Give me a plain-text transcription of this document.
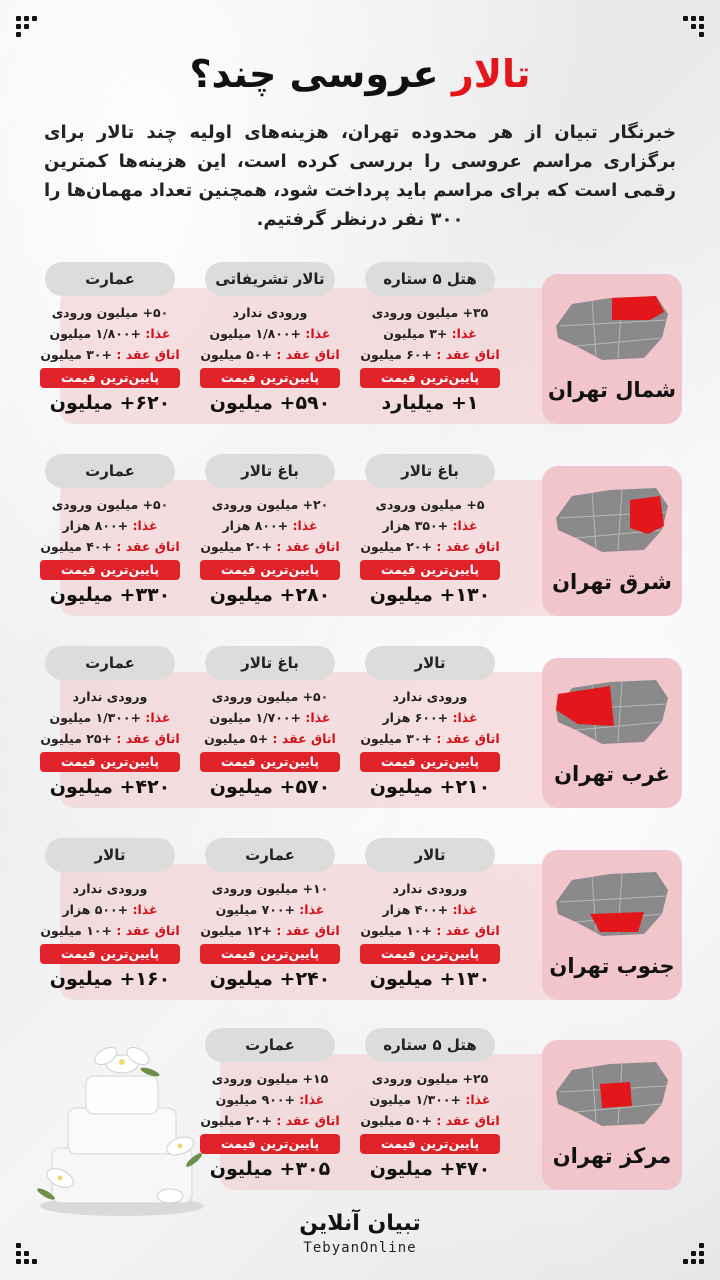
تالار عروسی چند؟

خبرنگار تبیان از هر محدوده تهران، هزینه‌های اولیه چند تالار برای برگزاری مراسم عروسی را بررسی کرده است، این هزینه‌ها کمترین رقمی است که برای مراسم باید پرداخت شود، همچنین تعداد مهمان‌ها را ۳۰۰ نفر درنظر گرفتیم.

شمال تهران
هتل ۵ ستاره
۳۵+ میلیون ورودی
غذا: +۳ میلیون
اتاق عقد : +۶۰ میلیون
پایین‌ترین قیمت
۱+ میلیارد
تالار تشریفاتی
ورودی ندارد
غذا: +۱/۸۰۰ میلیون
اتاق عقد : +۵۰ میلیون
پایین‌ترین قیمت
۵۹۰+ میلیون
عمارت
۵۰+ میلیون ورودی
غذا: +۱/۸۰۰ میلیون
اتاق عقد : +۳۰ میلیون
پایین‌ترین قیمت
۶۲۰+ میلیون
شرق تهران
باغ تالار
۵+ میلیون ورودی
غذا: +۳۵۰ هزار
اتاق عقد : +۲۰ میلیون
پایین‌ترین قیمت
۱۳۰+ میلیون
باغ تالار
۲۰+ میلیون ورودی
غذا: +۸۰۰ هزار
اتاق عقد : +۲۰ میلیون
پایین‌ترین قیمت
۲۸۰+ میلیون
عمارت
۵۰+ میلیون ورودی
غذا: +۸۰۰ هزار
اتاق عقد : +۴۰ میلیون
پایین‌ترین قیمت
۳۳۰+ میلیون
غرب تهران
تالار
ورودی ندارد
غذا: +۶۰۰ هزار
اتاق عقد : +۳۰ میلیون
پایین‌ترین قیمت
۲۱۰+ میلیون
باغ تالار
۵۰+ میلیون ورودی
غذا: +۱/۷۰۰ میلیون
اتاق عقد : +۵ میلیون
پایین‌ترین قیمت
۵۷۰+ میلیون
عمارت
ورودی ندارد
غذا: +۱/۳۰۰ میلیون
اتاق عقد : +۲۵ میلیون
پایین‌ترین قیمت
۴۲۰+ میلیون
جنوب تهران
تالار
ورودی ندارد
غذا: +۴۰۰ هزار
اتاق عقد : +۱۰ میلیون
پایین‌ترین قیمت
۱۳۰+ میلیون
عمارت
۱۰+ میلیون ورودی
غذا: +۷۰۰ میلیون
اتاق عقد : +۱۲ میلیون
پایین‌ترین قیمت
۲۴۰+ میلیون
تالار
ورودی ندارد
غذا: +۵۰۰ هزار
اتاق عقد : +۱۰ میلیون
پایین‌ترین قیمت
۱۶۰+ میلیون
مرکز تهران
هتل ۵ ستاره
۲۵+ میلیون ورودی
غذا: +۱/۳۰۰ میلیون
اتاق عقد : +۵۰ میلیون
پایین‌ترین قیمت
۴۷۰+ میلیون
عمارت
۱۵+ میلیون ورودی
غذا: +۹۰۰ میلیون
اتاق عقد : +۲۰ میلیون
پایین‌ترین قیمت
۳۰۵+ میلیون
تبیان آنلاین
TebyanOnline
